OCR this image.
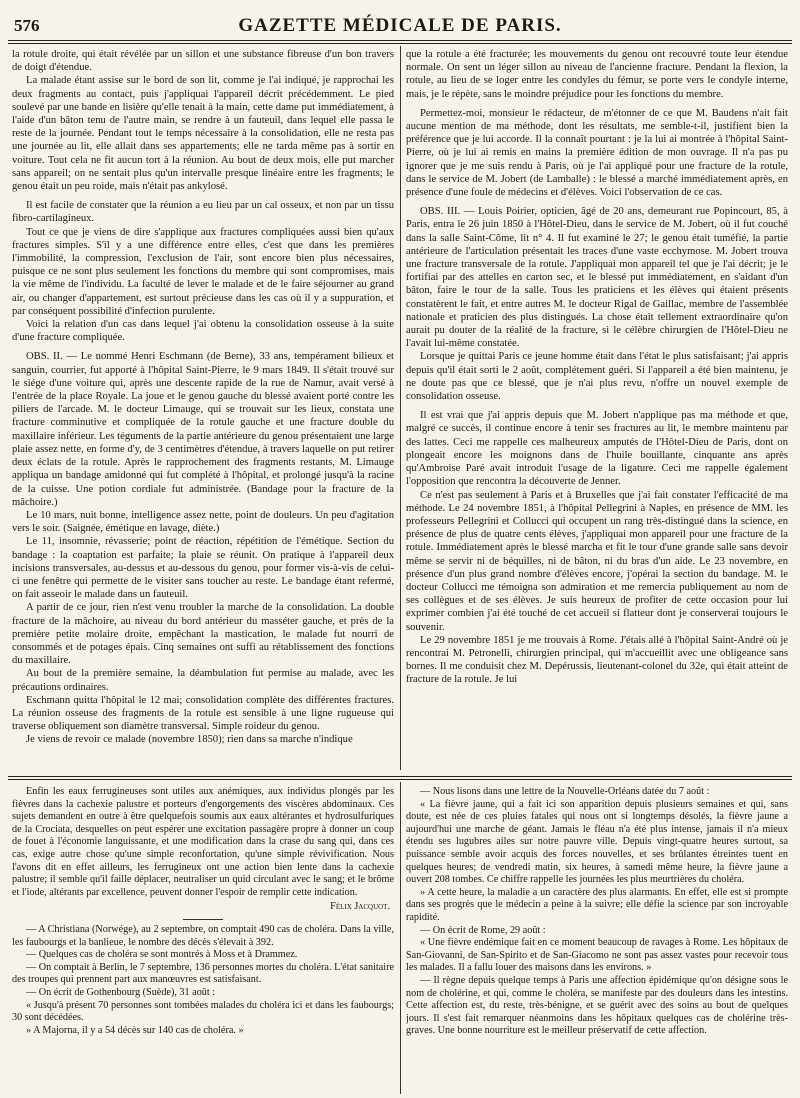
576	GAZETTE MÉDICALE DE PARIS.

la rotule droite, qui était révélée par un sillon et une substance fibreuse d'un bon travers de doigt d'étendue.

La malade étant assise sur le bord de son lit, comme je l'ai indiqué, je rapprochai les deux fragments au contact, puis j'appliquai l'appareil décrit précédemment. Le pied soulevé par une bande en lisière qu'elle tenait à la main, cette dame put immédiatement, à l'aide d'un bâton tenu de l'autre main, se rendre à un fauteuil, dans lequel elle passa le reste de la journée. Pendant tout le temps nécessaire à la consolidation, elle ne resta pas une journée au lit, elle allait dans ses appartements; elle ne tarda même pas à sortir en voiture. Tout cela ne fit aucun tort à la réunion. Au bout de deux mois, elle put marcher sans appareil; on ne sentait plus qu'un intervalle presque linéaire entre les fragments; le genou était un peu roide, mais n'était pas ankylosé.

Il est facile de constater que la réunion a eu lieu par un cal osseux, et non par un tissu fibro-cartilagineux.

Tout ce que je viens de dire s'applique aux fractures compliquées aussi bien qu'aux fractures simples. S'il y a une différence entre elles, c'est que dans les premières l'immobilité, la compression, l'exclusion de l'air, sont encore bien plus nécessaires, puisque ce ne sont plus seulement les fonctions du membre qui sont compromises, mais la vie même de l'individu. La faculté de lever le malade et de le faire séjourner au grand air, ou changer d'appartement, est surtout précieuse dans les cas où il y a suppuration, et par conséquent possibilité d'infection purulente.

Voici la relation d'un cas dans lequel j'ai obtenu la consolidation osseuse à la suite d'une fracture compliquée.

OBS. II. — Le nommé Henri Eschmann (de Berne), 33 ans, tempérament bilieux et sanguin, courrier, fut apporté à l'hôpital Saint-Pierre, le 9 mars 1849. Il s'était trouvé sur le siége d'une voiture qui, après une descente rapide de la rue de Namur, avait versé à l'entrée de la place Royale. La joue et le genou gauche du blessé avaient porté contre les piliers de l'arcade. M. le docteur Limauge, qui se trouvait sur les lieux, constata une fracture comminutive et compliquée de la rotule gauche et une fracture double du maxillaire inférieur. Les téguments de la partie antérieure du genou présentaient une large plaie assez nette, en forme d'y, de 3 centimètres d'étendue, à travers laquelle on put retirer deux éclats de la rotule. Après le rapprochement des fragments restants, M. Limauge appliqua un bandage amidonné qui fut complété à l'hôpital, et prolongé jusqu'à la racine de la cuisse. Une potion cordiale fut administrée. (Bandage pour la fracture de la mâchoire.)

Le 10 mars, nuit bonne, intelligence assez nette, point de douleurs. Un peu d'agitation vers le soir. (Saignée, émétique en lavage, diète.)

Le 11, insomnie, révasserie; point de réaction, répétition de l'émétique. Section du bandage : la coaptation est parfaite; la plaie se réunit. On pratique à l'appareil deux incisions transversales, au-dessus et au-dessous du genou, pour former vis-à-vis de celui-ci une fenêtre qui permette de le visiter sans toucher au reste. Le bandage étant refermé, on fait asseoir le malade dans un fauteuil.

A partir de ce jour, rien n'est venu troubler la marche de la consolidation. La double fracture de la mâchoire, au niveau du bord antérieur du masséter gauche, et près de la première petite molaire droite, empêchant la mastication, le malade fut nourri de consommés et de potages épais. Cinq semaines ont suffi au rétablissement des fonctions du maxillaire.

Au bout de la première semaine, la déambulation fut permise au malade, avec les précautions ordinaires.

Eschmann quitta l'hôpital le 12 mai; consolidation complète des différentes fractures. La réunion osseuse des fragments de la rotule est sensible à une ligne rugueuse qui traverse obliquement son diamètre transversal. Simple roideur du genou.

Je viens de revoir ce malade (novembre 1850); rien dans sa marche n'indique

que la rotule a été fracturée; les mouvements du genou ont recouvré toute leur étendue normale. On sent un léger sillon au niveau de l'ancienne fracture. Pendant la flexion, la rotule, au lieu de se loger entre les condyles du fémur, se porte vers le condyle interne, mais, je le répète, sans le moindre préjudice pour les fonctions du membre.

Permettez-moi, monsieur le rédacteur, de m'étonner de ce que M. Baudens n'ait fait aucune mention de ma méthode, dont les résultats, me semble-t-il, justifient bien la préférence que je lui accorde. Il la connaît pourtant : je la lui ai montrée à l'hôpital Saint-Pierre, où je lui ai remis en mains la première édition de mon ouvrage. Il n'a pas pu ignorer que je me suis rendu à Paris, où je l'ai appliqué pour une fracture de la rotule, dans le service de M. Jobert (de Lamballe) : le blessé a marché immédiatement après, en présence d'une foule de médecins et d'élèves. Voici l'observation de ce cas.

OBS. III. — Louis Poirier, opticien, âgé de 20 ans, demeurant rue Popincourt, 85, à Paris, entra le 26 juin 1850 à l'Hôtel-Dieu, dans le service de M. Jobert, où il fut couché dans la salle Saint-Côme, lit n° 4. Il fut examiné le 27; le genou était tuméfié, la partie antérieure de l'articulation présentait les traces d'une vaste ecchymose. M. Jobert trouva une fracture transversale de la rotule. J'appliquai mon appareil tel que je l'ai décrit; je le fortifiai par des attelles en carton sec, et le blessé put immédiatement, en s'aidant d'un bâton, faire le tour de la salle. Tous les praticiens et les élèves qui étaient présents constatèrent le fait, et entre autres M. le docteur Rigal de Gaillac, membre de l'assemblée nationale et praticien des plus distingués. La chose était tellement extraordinaire qu'on aurait pu douter de la réalité de la fracture, si le célèbre chirurgien de l'Hôtel-Dieu ne l'avait lui-même constatée.

Lorsque je quittai Paris ce jeune homme était dans l'état le plus satisfaisant; j'ai appris depuis qu'il était sorti le 2 août, complétement guéri. Si l'appareil a été bien maintenu, je ne doute pas que ce blessé, que je n'ai plus revu, n'offre un nouvel exemple de consolidation osseuse.

Il est vrai que j'ai appris depuis que M. Jobert n'applique pas ma méthode et que, malgré ce succès, il continue encore à tenir ses fractures au lit, le membre maintenu par des lattes. Ceci me rappelle ces malheureux amputés de l'Hôtel-Dieu de Paris, dont on plongeait encore les moignons dans de l'huile bouillante, cinquante ans après qu'Ambroise Paré avait introduit l'usage de la ligature. Ceci me rappelle également l'opposition que rencontra la découverte de Jenner.

Ce n'est pas seulement à Paris et à Bruxelles que j'ai fait constater l'efficacité de ma méthode. Le 24 novembre 1851, à l'hôpital Pellegrini à Naples, en présence de MM. les professeurs Pellegrini et Collucci qui occupent un rang très-distingué dans la science, en présence de plus de quatre cents élèves, j'appliquai mon appareil pour une fracture de la rotule. Immédiatement après le blessé marcha et fit le tour d'une grande salle sans devoir même se servir ni de béquilles, ni de bâton, ni du bras d'un aide. Le 23 novembre, en présence d'un plus grand nombre d'élèves encore, j'opérai la section du bandage. M. le docteur Collucci me témoigna son admiration et me remercia publiquement au nom de ses collègues et de ses élèves. Je suis heureux de profiter de cette occasion pour lui exprimer combien j'ai été touché de cet accueil si flatteur dont je conserverai toujours le souvenir.

Le 29 novembre 1851 je me trouvais à Rome. J'étais allé à l'hôpital Saint-André où je rencontrai M. Petronelli, chirurgien principal, qui m'accueillit avec une obligeance sans bornes. Il me conduisit chez M. Depérussis, lieutenant-colonel du 32e, qui était atteint de fracture de la rotule. Je lui

Enfin les eaux ferrugineuses sont utiles aux anémiques, aux individus plongés par les fièvres dans la cachexie palustre et porteurs d'engorgements des viscères abdominaux. Ces sujets demandent en outre à être quelquefois soumis aux eaux altérantes et hydrosulfuriques de la Crociata, desquelles on peut espérer une excitation passagère propre à donner un coup de fouet à l'économie languissante, et une modification dans la crase du sang qui, dans ces cas, exige autre chose qu'une simple reconfortation, qu'une simple révivification. Nous l'avons dit en effet ailleurs, les ferrugineux ont une action bien lente dans la cachexie palustre; il semble qu'il faille déplacer, neutraliser un quid circulant avec le sang; et le brôme et l'iode, altérants par excellence, peuvent donner l'espoir de remplir cette indication.

Félix Jacquot.

— A Christiana (Norwége), au 2 septembre, on comptait 490 cas de choléra. Dans la ville, les faubourgs et la banlieue, le nombre des décès s'élevait à 392.

— Quelques cas de choléra se sont montrés à Moss et à Drammez.

— On comptait à Berlin, le 7 septembre, 136 personnes mortes du choléra. L'état sanitaire des troupes qui prennent part aux manœuvres est satisfaisant.

— On écrit de Gothenbourg (Suède), 31 août :

« Jusqu'à présent 70 personnes sont tombées malades du choléra ici et dans les faubourgs; 30 sont décédées.

» A Majorna, il y a 54 décès sur 140 cas de choléra. »

— Nous lisons dans une lettre de la Nouvelle-Orléans datée du 7 août :

« La fièvre jaune, qui a fait ici son apparition depuis plusieurs semaines et qui, sans doute, est née de ces pluies fatales qui nous ont si longtemps désolés, la fièvre jaune a aujourd'hui une marche de géant. Jamais le fléau n'a été plus intense, jamais il n'a mieux étendu ses lugubres ailes sur notre pauvre ville. Depuis vingt-quatre heures surtout, sa puissance semble avoir acquis des forces nouvelles, et ses brûlantes étreintes tuent en quelques heures; de vendredi matin, six heures, à samedi même heure, la fièvre jaune a ouvert 208 tombes. Ce chiffre rappelle les journées les plus meurtrières du choléra.

» A cette heure, la maladie a un caractère des plus alarmants. En effet, elle est si prompte dans ses progrès que le médecin a peine à la suivre; elle défie la science par son incroyable rapidité.

— On écrit de Rome, 29 août :

« Une fièvre endémique fait en ce moment beaucoup de ravages à Rome. Les hôpitaux de San-Giovanni, de San-Spirito et de San-Giacomo ne sont pas assez vastes pour recevoir tous les malades. Il a fallu louer des maisons dans les environs. »

— Il règne depuis quelque temps à Paris une affection épidémique qu'on désigne sous le nom de cholérine, et qui, comme le choléra, se manifeste par des douleurs dans les intestins. Cette affection est, du reste, très-bénigne, et se guérit avec des soins au bout de quelques jours. Il s'est fait remarquer néanmoins dans les hôpitaux quelques cas de cholérine très-graves. Une bonne nourriture est le meilleur préservatif de cette affection.
